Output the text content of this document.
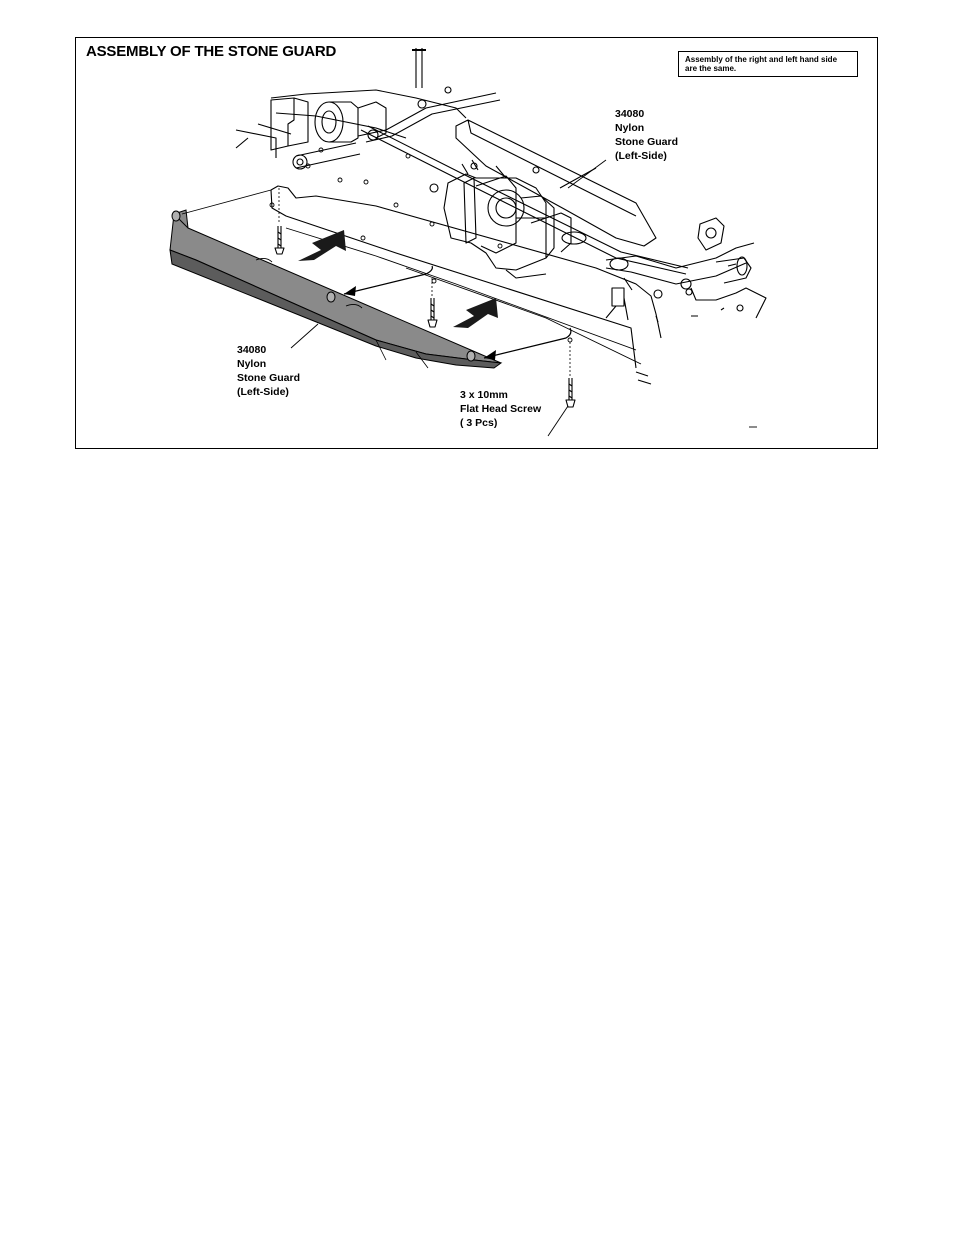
ASSEMBLY OF THE STONE GUARD	Assembly of the right and left hand side
are the same.
34080
Nylon
Stone Guard
(Left-Side)
34080
Nylon
Stone Guard
(Left-Side)	3 x 10mm
Flat Head Screw
( 3 Pcs)
